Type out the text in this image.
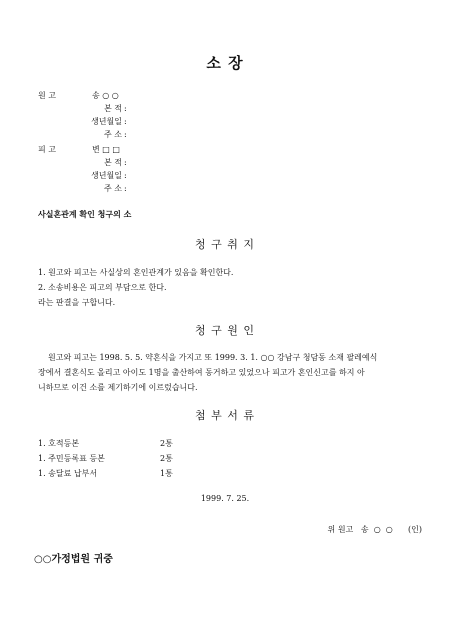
소 장
원 고	송 ○ ○
본 적 :
생년월일 :
주 소 :
피 고	변 □ □
본 적 :
생년월일 :
주 소 :
사실혼관계 확인 청구의 소
청 구 취 지
1. 원고와 피고는 사실상의 혼인관계가 있음을 확인한다.
2. 소송비용은 피고의 부담으로 한다.
라는 판결을 구합니다.
청 구 원 인
원고와 피고는 1998. 5. 5. 약혼식을 가지고 또 1999. 3. 1. ○○ 강남구 청담동 소재 팔레예식
장에서 결혼식도 올리고 아이도 1명을 출산하여 동거하고 있었으나 피고가 혼인신고를 하지 아
니하므로 이건 소를 제기하기에 이르렀습니다.
첨 부 서 류
1. 호적등본	2통
1. 주민등록표 등본	2통
1. 송달료 납부서	1통
1999. 7. 25.
위 원고   송  ○  ○      (인)
○○가정법원 귀중
